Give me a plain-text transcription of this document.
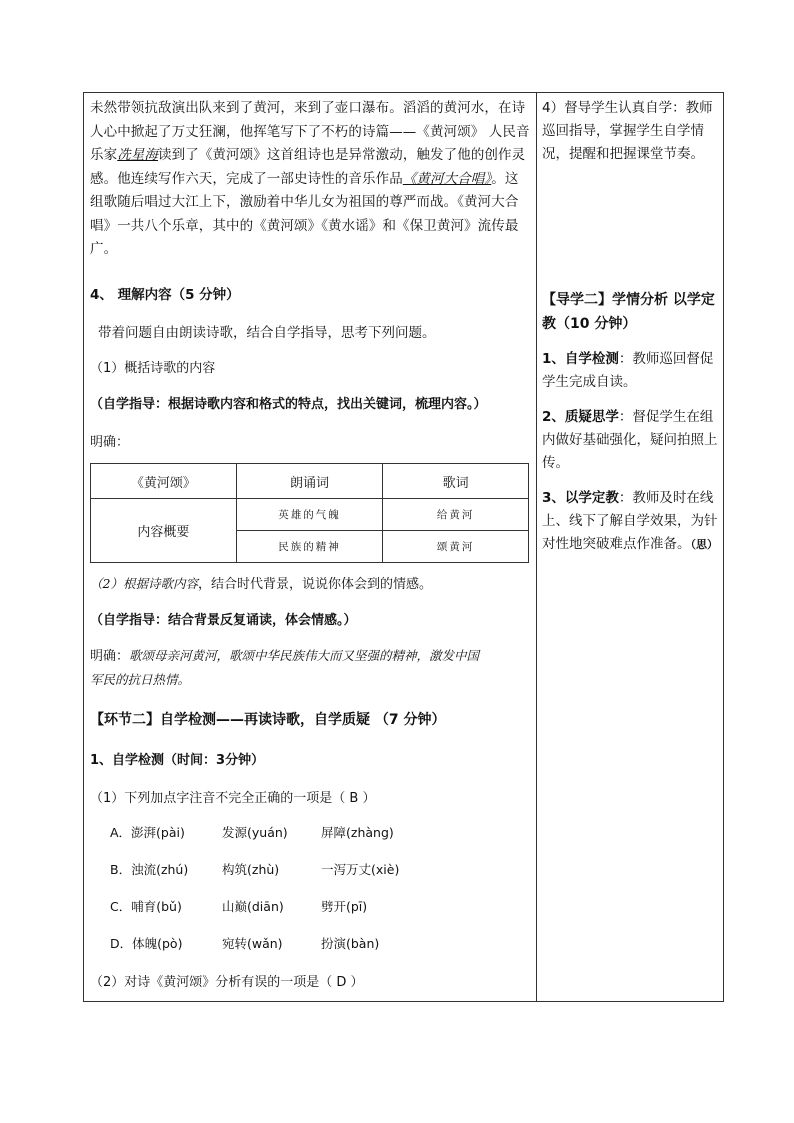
未然带领抗敌演出队来到了黄河，来到了壶口瀑布。滔滔的黄河水，在诗人心中掀起了万丈狂澜，他挥笔写下了不朽的诗篇——《黄河颂》 人民音乐家冼星海读到了《黄河颂》这首组诗也是异常激动，触发了他的创作灵感。他连续写作六天，完成了一部史诗性的音乐作品《黄河大合唱》。这组歌随后唱过大江上下，激励着中华儿女为祖国的尊严而战。《黄河大合唱》一共八个乐章，其中的《黄河颂》《黄水谣》和《保卫黄河》流传最广。

4、 理解内容（5 分钟）
带着问题自由朗读诗歌，结合自学指导，思考下列问题。
（1）概括诗歌的内容
（自学指导：根据诗歌内容和格式的特点，找出关键词，梳理内容。）
明确：
《黄河颂》	朗诵词	歌词
内容概要	英雄的气魄	给黄河
	民族的精神	颂黄河
（2）根据诗歌内容，结合时代背景，说说你体会到的情感。
（自学指导：结合背景反复诵读，体会情感。）
明确：歌颂母亲河黄河，歌颂中华民族伟大而又坚强的精神，激发中国
军民的抗日热情。
【环节二】自学检测——再读诗歌，自学质疑 （7 分钟）
1、自学检测（时间：3分钟）
（1）下列加点字注音不完全正确的一项是（ B ）
A．澎湃(pài)	发源(yuán)	屏障(zhàng)
B．浊流(zhú)	构筑(zhù)	一泻万丈(xiè)
C．哺育(bǔ)	山巅(diān)	劈开(pī)
D．体魄(pò)	宛转(wǎn)	扮演(bàn)
（2）对诗《黄河颂》分析有误的一项是（ D ）

4）督导学生认真自学：教师巡回指导，掌握学生自学情况，提醒和把握课堂节奏。

【导学二】学情分析 以学定教（10 分钟）

1、自学检测：教师巡回督促学生完成自读。

2、质疑思学：督促学生在组内做好基础强化，疑问拍照上传。

3、以学定教：教师及时在线上、线下了解自学效果，为针对性地突破难点作准备。（思）
